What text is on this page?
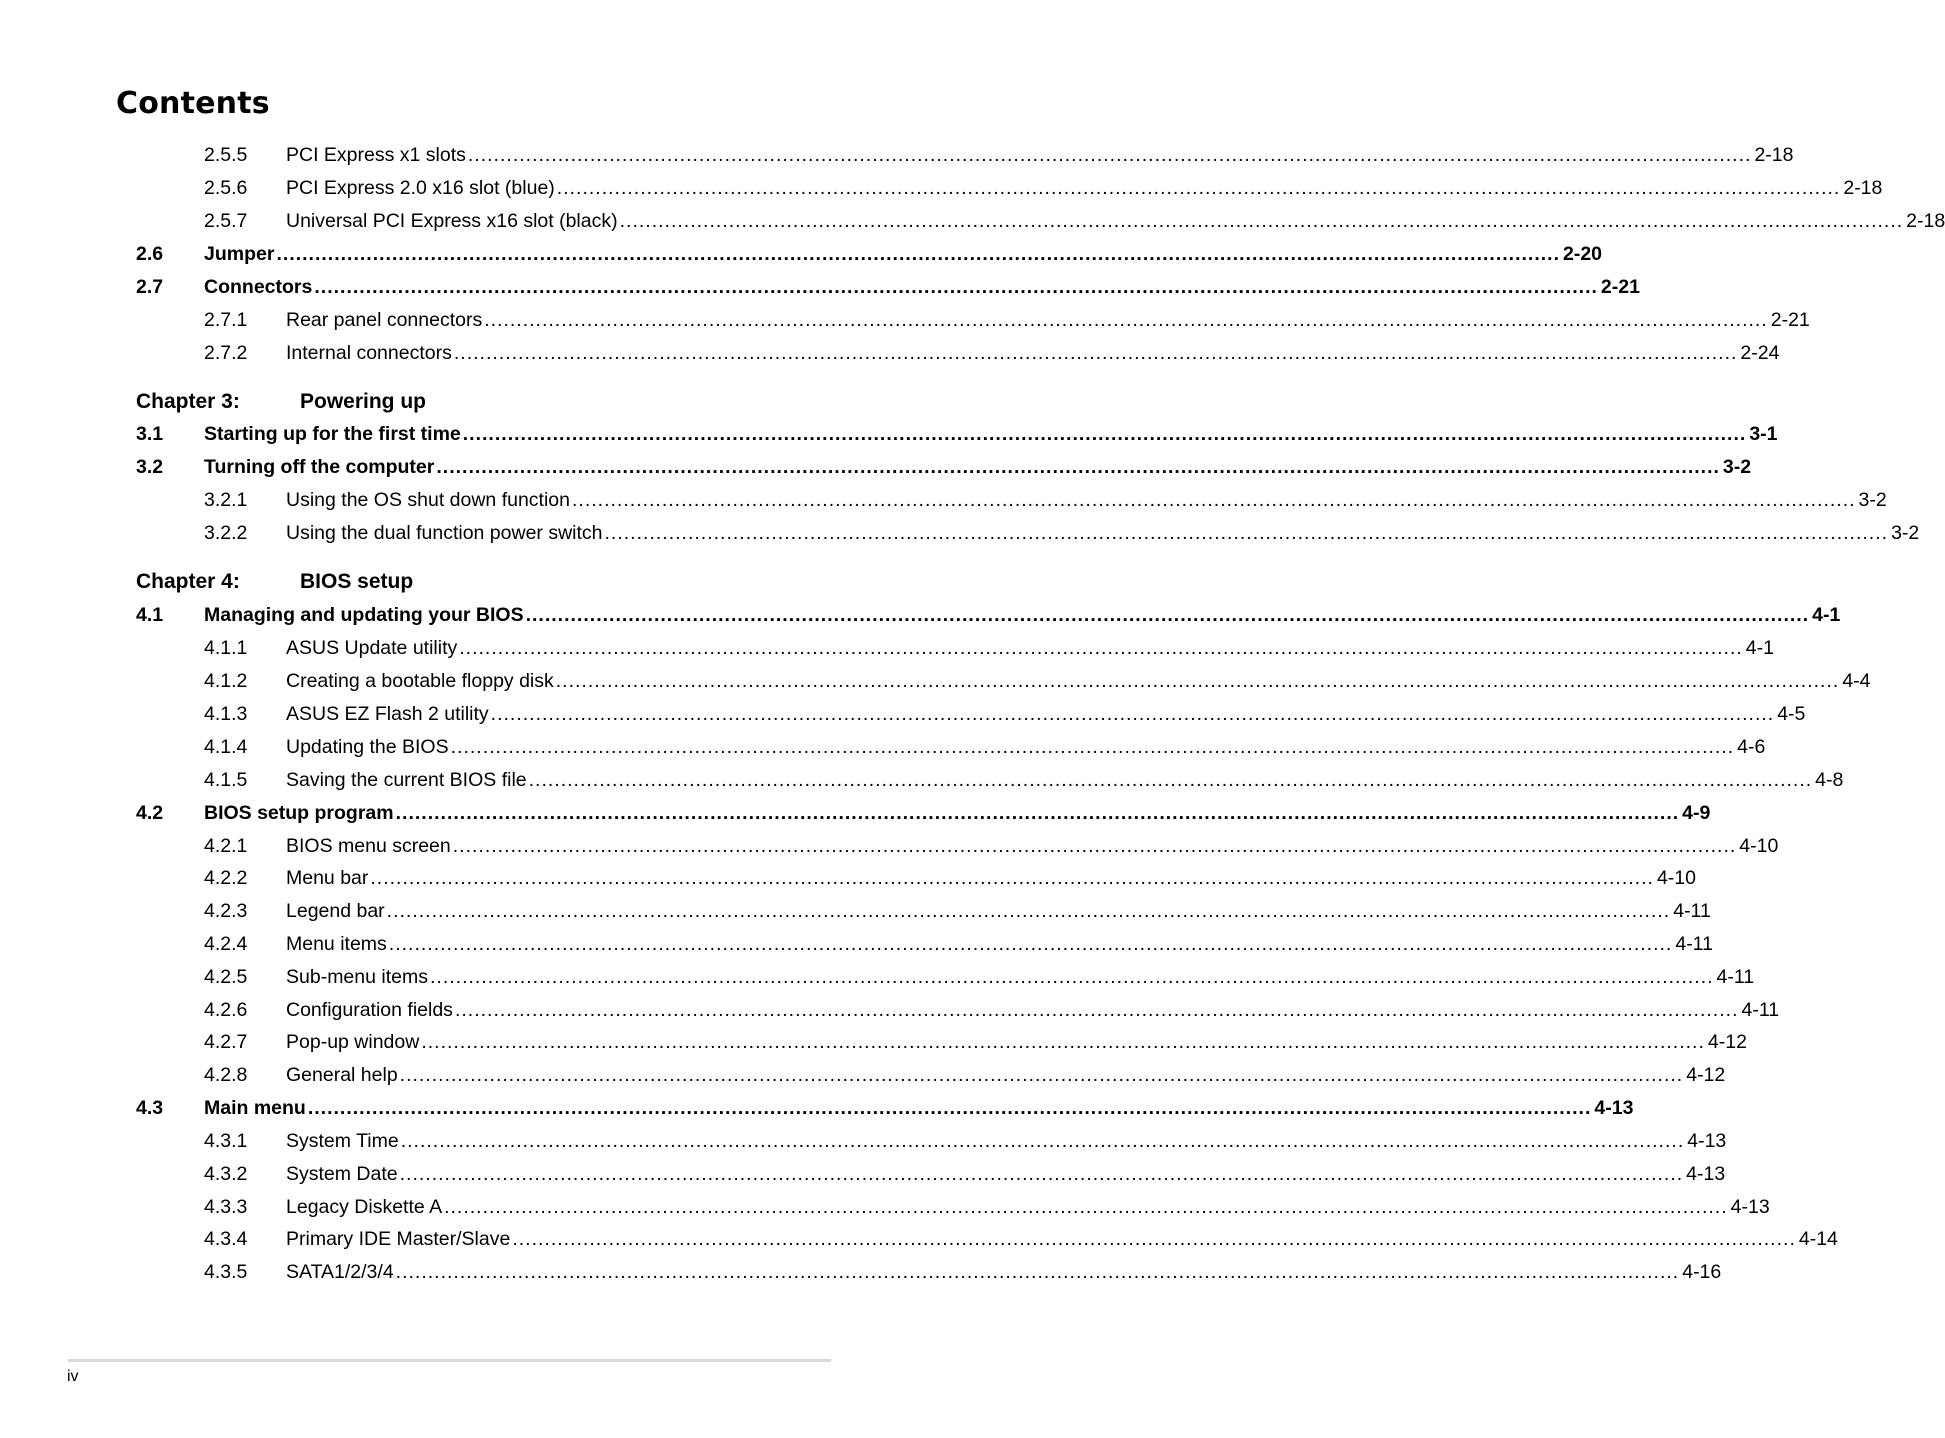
Contents
2.5.5 PCI Express x1 slots ........................................................................................................................................................................................................ 2-18
2.5.6 PCI Express 2.0 x16 slot (blue) ........................................................................................................................................................................................................ 2-18
2.5.7 Universal PCI Express x16 slot (black) ........................................................................................................................................................................................................ 2-18
2.6 Jumper ........................................................................................................................................................................................................ 2-20
2.7 Connectors ........................................................................................................................................................................................................ 2-21
2.7.1 Rear panel connectors ........................................................................................................................................................................................................ 2-21
2.7.2 Internal connectors ........................................................................................................................................................................................................ 2-24
Chapter 3:	Powering up
3.1 Starting up for the first time ........................................................................................................................................................................................................ 3-1
3.2 Turning off the computer ........................................................................................................................................................................................................ 3-2
3.2.1 Using the OS shut down function ........................................................................................................................................................................................................ 3-2
3.2.2 Using the dual function power switch ........................................................................................................................................................................................................ 3-2
Chapter 4:	BIOS setup
4.1 Managing and updating your BIOS ........................................................................................................................................................................................................ 4-1
4.1.1 ASUS Update utility ........................................................................................................................................................................................................ 4-1
4.1.2 Creating a bootable floppy disk ........................................................................................................................................................................................................ 4-4
4.1.3 ASUS EZ Flash 2 utility ........................................................................................................................................................................................................ 4-5
4.1.4 Updating the BIOS ........................................................................................................................................................................................................ 4-6
4.1.5 Saving the current BIOS file ........................................................................................................................................................................................................ 4-8
4.2 BIOS setup program ........................................................................................................................................................................................................ 4-9
4.2.1 BIOS menu screen ........................................................................................................................................................................................................ 4-10
4.2.2 Menu bar ........................................................................................................................................................................................................ 4-10
4.2.3 Legend bar ........................................................................................................................................................................................................ 4-11
4.2.4 Menu items ........................................................................................................................................................................................................ 4-11
4.2.5 Sub-menu items ........................................................................................................................................................................................................ 4-11
4.2.6 Configuration fields ........................................................................................................................................................................................................ 4-11
4.2.7 Pop-up window ........................................................................................................................................................................................................ 4-12
4.2.8 General help ........................................................................................................................................................................................................ 4-12
4.3 Main menu ........................................................................................................................................................................................................ 4-13
4.3.1 System Time ........................................................................................................................................................................................................ 4-13
4.3.2 System Date ........................................................................................................................................................................................................ 4-13
4.3.3 Legacy Diskette A ........................................................................................................................................................................................................ 4-13
4.3.4 Primary IDE Master/Slave ........................................................................................................................................................................................................ 4-14
4.3.5 SATA1/2/3/4 ........................................................................................................................................................................................................ 4-16
iv
